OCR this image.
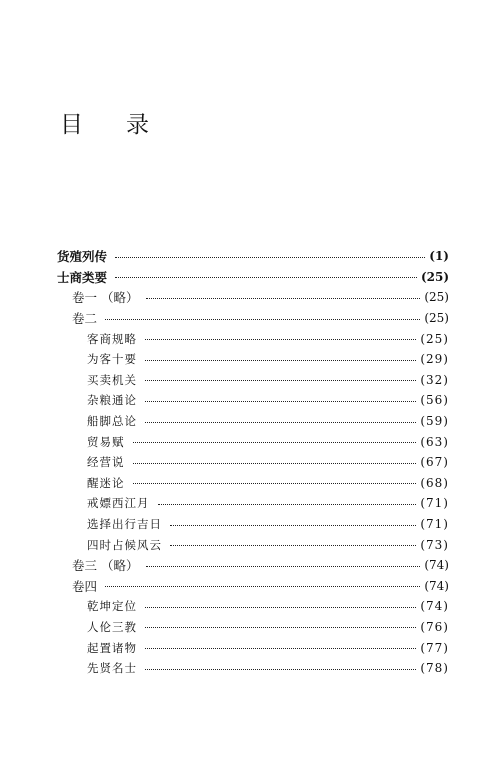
目 录
货殖列传	(1)
士商类要	(25)
卷一 （略）	(25)
卷二	(25)
客商规略	(25)
为客十要	(29)
买卖机关	(32)
杂粮通论	(56)
船脚总论	(59)
贸易赋	(63)
经营说	(67)
醒迷论	(68)
戒嫖西江月	(71)
选择出行吉日	(71)
四时占候风云	(73)
卷三 （略）	(74)
卷四	(74)
乾坤定位	(74)
人伦三教	(76)
起置诸物	(77)
先贤名士	(78)
